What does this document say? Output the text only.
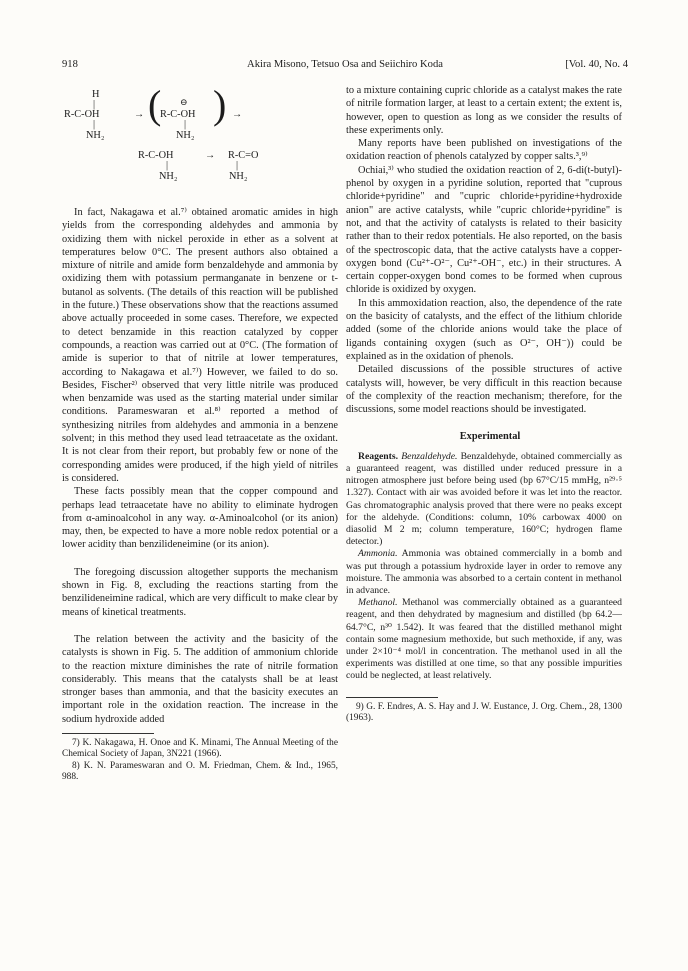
918	Akira Misono, Tetsuo Osa and Seiichiro Koda	[Vol. 40, No. 4
H
|
R-C-OH
|
NH₂
→ ( ⊖
R-C-OH
|
NH₂
) →
R-C-OH
|
NH₂
→ R-C=O
|
NH₂

In fact, Nakagawa et al.⁷⁾ obtained aromatic amides in high yields from the corresponding aldehydes and ammonia by oxidizing them with nickel peroxide in ether as a solvent at temperatures below 0°C. The present authors also obtained a mixture of nitrile and amide form benzaldehyde and ammonia by oxidizing them with potassium permanganate in benzene or t-butanol as solvents. (The details of this reaction will be published in the future.) These observations show that the reactions assumed above actually proceeded in some cases. Therefore, we expected to detect benzamide in this reaction catalyzed by copper compounds, a reaction was carried out at 0°C. (The formation of amide is superior to that of nitrile at lower temperatures, according to Nakagawa et al.⁷⁾) However, we failed to do so. Besides, Fischer²⁾ observed that very little nitrile was produced when benzamide was used as the starting material under similar conditions. Parameswaran et al.⁸⁾ reported a method of synthesizing nitriles from aldehydes and ammonia in a benzene solvent; in this method they used lead tetraacetate as the oxidant. It is not clear from their report, but probably few or none of the corresponding amides were produced, if the high yield of nitriles is considered.

These facts possibly mean that the copper compound and perhaps lead tetraacetate have no ability to eliminate hydrogen from α-aminoalcohol in any way. α-Aminoalcohol (or its anion) may, then, be expected to have a more noble redox potential or a lower acidity than benzilideneimine (or its anion).

The foregoing discussion altogether supports the mechanism shown in Fig. 8, excluding the reactions starting from the benzilideneimine radical, which are very difficult to make clear by means of kinetical treatments.

The relation between the activity and the basicity of the catalysts is shown in Fig. 5. The addition of ammonium chloride to the reaction mixture diminishes the rate of nitrile formation considerably. This means that the catalysts shall be at least stronger bases than ammonia, and that the basicity executes an important role in the oxidation reaction. The increase in the sodium hydroxide added

7) K. Nakagawa, H. Onoe and K. Minami, The Annual Meeting of the Chemical Society of Japan, 3N221 (1966).

8) K. N. Parameswaran and O. M. Friedman, Chem. & Ind., 1965, 988.

to a mixture containing cupric chloride as a catalyst makes the rate of nitrile formation larger, at least to a certain extent; the extent is, however, open to question as long as we consider the results of these experiments only.

Many reports have been published on investigations of the oxidation reaction of phenols catalyzed by copper salts.³,⁹⁾

Ochiai,³⁾ who studied the oxidation reaction of 2, 6-di(t-butyl)-phenol by oxygen in a pyridine solution, reported that "cuprous chloride+pyridine" and "cupric chloride+pyridine+hydroxide anion" are active catalysts, while "cupric chloride+pyridine" is not, and that the activity of catalysts is related to their basicity rather than to their redox potentials. He also reported, on the basis of the spectroscopic data, that the active catalysts have a copper-oxygen bond (Cu²⁺-O²⁻, Cu²⁺-OH⁻, etc.) in their structures. A certain copper-oxygen bond comes to be formed when cuprous chloride is oxidized by oxygen.

In this ammoxidation reaction, also, the dependence of the rate on the basicity of catalysts, and the effect of the lithium chloride added (some of the chloride anions would take the place of ligands containing oxygen (such as O²⁻, OH⁻)) could be explained as in the oxidation of phenols.

Detailed discussions of the possible structures of active catalysts will, however, be very difficult in this reaction because of the complexity of the reaction mechanism; therefore, for the discussions, some model reactions should be investigated.

Experimental

Reagents. Benzaldehyde. Benzaldehyde, obtained commercially as a guaranteed reagent, was distilled under reduced pressure in a nitrogen atmosphere just before being used (bp 67°C/15 mmHg, n²⁹·⁵ 1.327). Contact with air was avoided before it was let into the reactor. Gas chromatographic analysis proved that there were no peaks except for the aldehyde. (Conditions: column, 10% carbowax 4000 on diasolid M 2 m; column temperature, 160°C; hydrogen flame detector.)

Ammonia. Ammonia was obtained commercially in a bomb and was put through a potassium hydroxide layer in order to remove any moisture. The ammonia was absorbed to a certain content in methanol in advance.

Methanol. Methanol was commercially obtained as a guaranteed reagent, and then dehydrated by magnesium and distilled (bp 64.2—64.7°C, n³⁰ 1.542). It was feared that the distilled methanol might contain some magnesium methoxide, but such methoxide, if any, was under 2×10⁻⁴ mol/l in concentration. The methanol used in all the experiments was distilled at one time, so that any possible impurities could be neglected, at least relatively.

9) G. F. Endres, A. S. Hay and J. W. Eustance, J. Org. Chem., 28, 1300 (1963).
